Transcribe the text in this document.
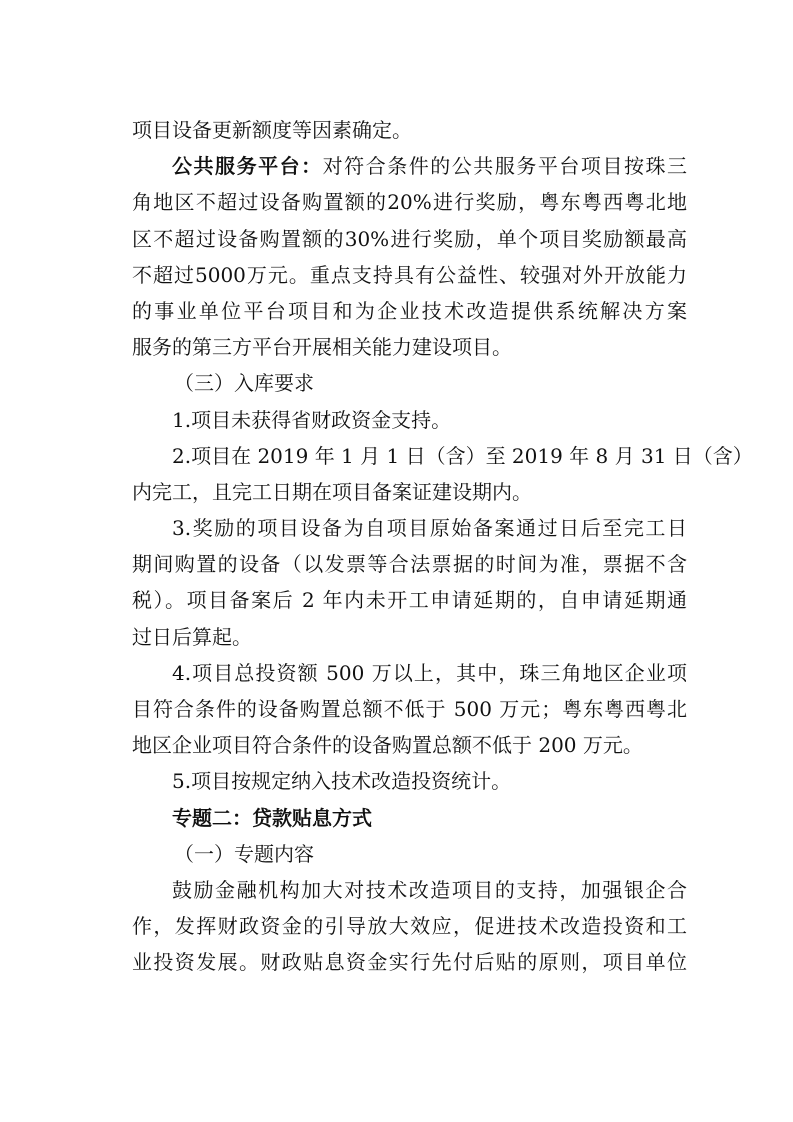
项目设备更新额度等因素确定。
公共服务平台：对符合条件的公共服务平台项目按珠三
角地区不超过设备购置额的20%进行奖励，粤东粤西粤北地
区不超过设备购置额的30%进行奖励，单个项目奖励额最高
不超过5000万元。重点支持具有公益性、较强对外开放能力
的事业单位平台项目和为企业技术改造提供系统解决方案
服务的第三方平台开展相关能力建设项目。
（三）入库要求
1.项目未获得省财政资金支持。
2.项目在 2019 年 1 月 1 日（含）至 2019 年 8 月 31 日（含）
内完工，且完工日期在项目备案证建设期内。
3.奖励的项目设备为自项目原始备案通过日后至完工日
期间购置的设备（以发票等合法票据的时间为准，票据不含
税）。项目备案后 2 年内未开工申请延期的，自申请延期通
过日后算起。
4.项目总投资额 500 万以上，其中，珠三角地区企业项
目符合条件的设备购置总额不低于 500 万元；粤东粤西粤北
地区企业项目符合条件的设备购置总额不低于 200 万元。
5.项目按规定纳入技术改造投资统计。
专题二：贷款贴息方式
（一）专题内容
鼓励金融机构加大对技术改造项目的支持，加强银企合
作，发挥财政资金的引导放大效应，促进技术改造投资和工
业投资发展。财政贴息资金实行先付后贴的原则，项目单位
